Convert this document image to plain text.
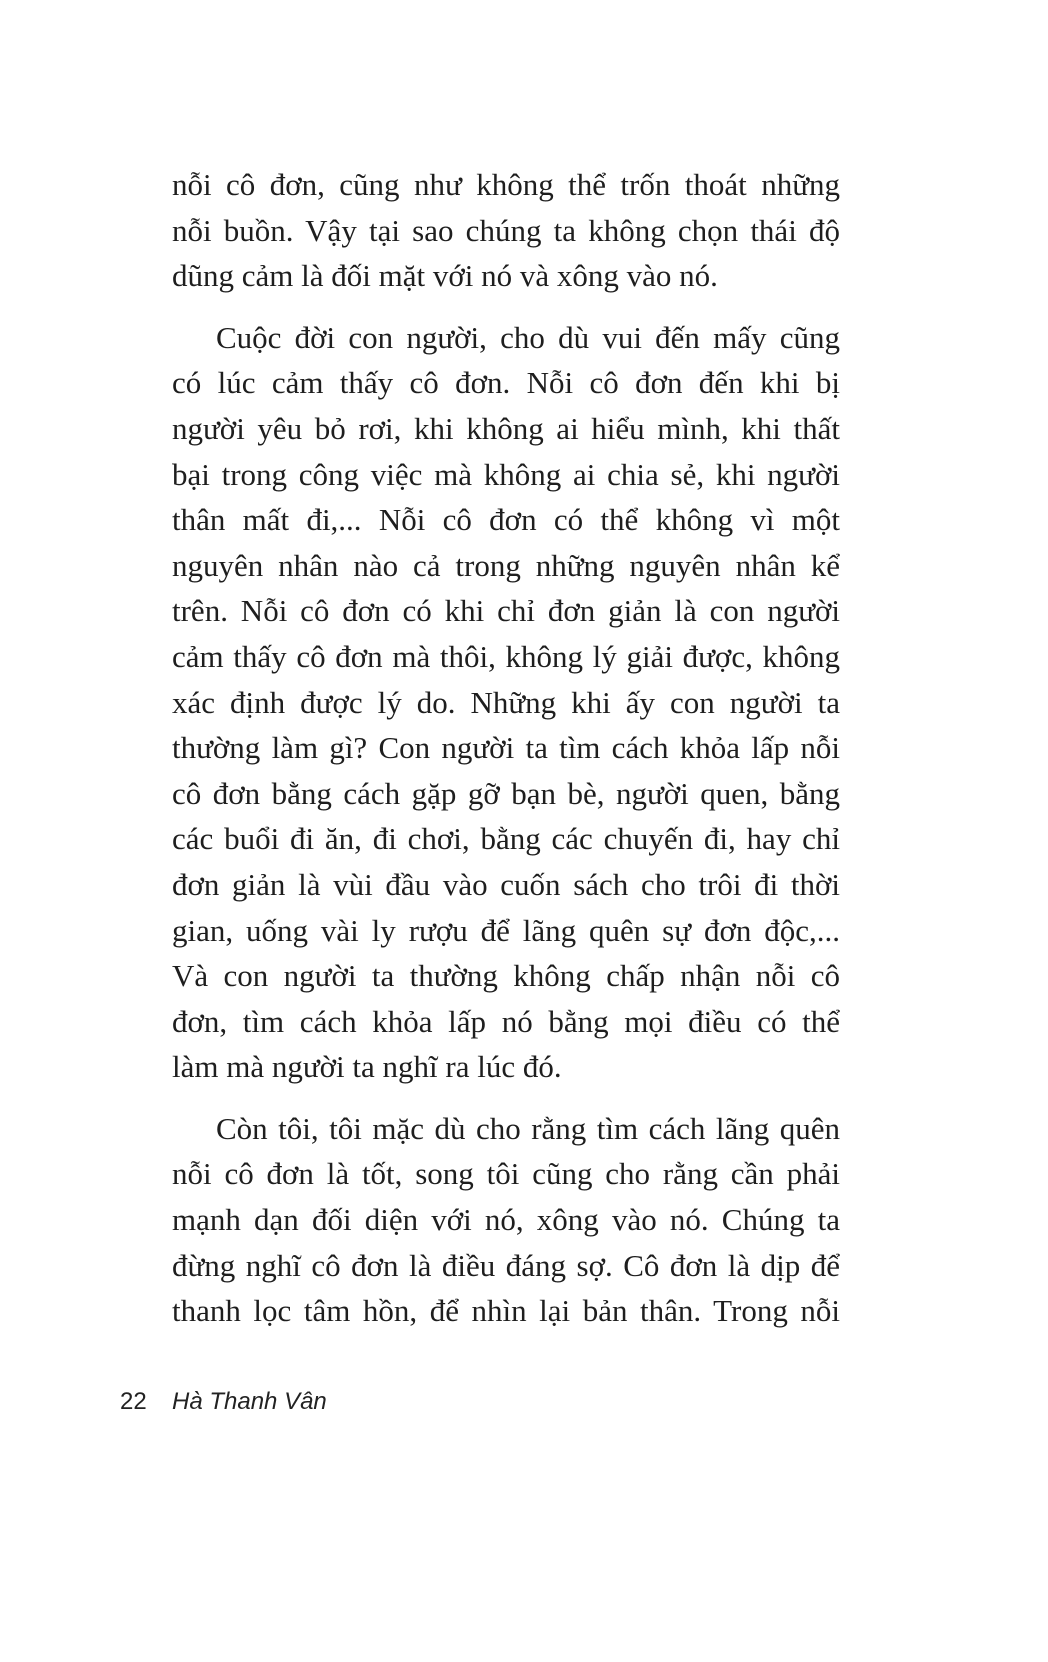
nỗi cô đơn, cũng như không thể trốn thoát những
nỗi buồn. Vậy tại sao chúng ta không chọn thái độ
dũng cảm là đối mặt với nó và xông vào nó.
Cuộc đời con người, cho dù vui đến mấy cũng
có lúc cảm thấy cô đơn. Nỗi cô đơn đến khi bị
người yêu bỏ rơi, khi không ai hiểu mình, khi thất
bại trong công việc mà không ai chia sẻ, khi người
thân mất đi,... Nỗi cô đơn có thể không vì một
nguyên nhân nào cả trong những nguyên nhân kể
trên. Nỗi cô đơn có khi chỉ đơn giản là con người
cảm thấy cô đơn mà thôi, không lý giải được, không
xác định được lý do. Những khi ấy con người ta
thường làm gì? Con người ta tìm cách khỏa lấp nỗi
cô đơn bằng cách gặp gỡ bạn bè, người quen, bằng
các buổi đi ăn, đi chơi, bằng các chuyến đi, hay chỉ
đơn giản là vùi đầu vào cuốn sách cho trôi đi thời
gian, uống vài ly rượu để lãng quên sự đơn độc,...
Và con người ta thường không chấp nhận nỗi cô
đơn, tìm cách khỏa lấp nó bằng mọi điều có thể
làm mà người ta nghĩ ra lúc đó.
Còn tôi, tôi mặc dù cho rằng tìm cách lãng quên
nỗi cô đơn là tốt, song tôi cũng cho rằng cần phải
mạnh dạn đối diện với nó, xông vào nó. Chúng ta
đừng nghĩ cô đơn là điều đáng sợ. Cô đơn là dịp để
thanh lọc tâm hồn, để nhìn lại bản thân. Trong nỗi
22 Hà Thanh Vân
